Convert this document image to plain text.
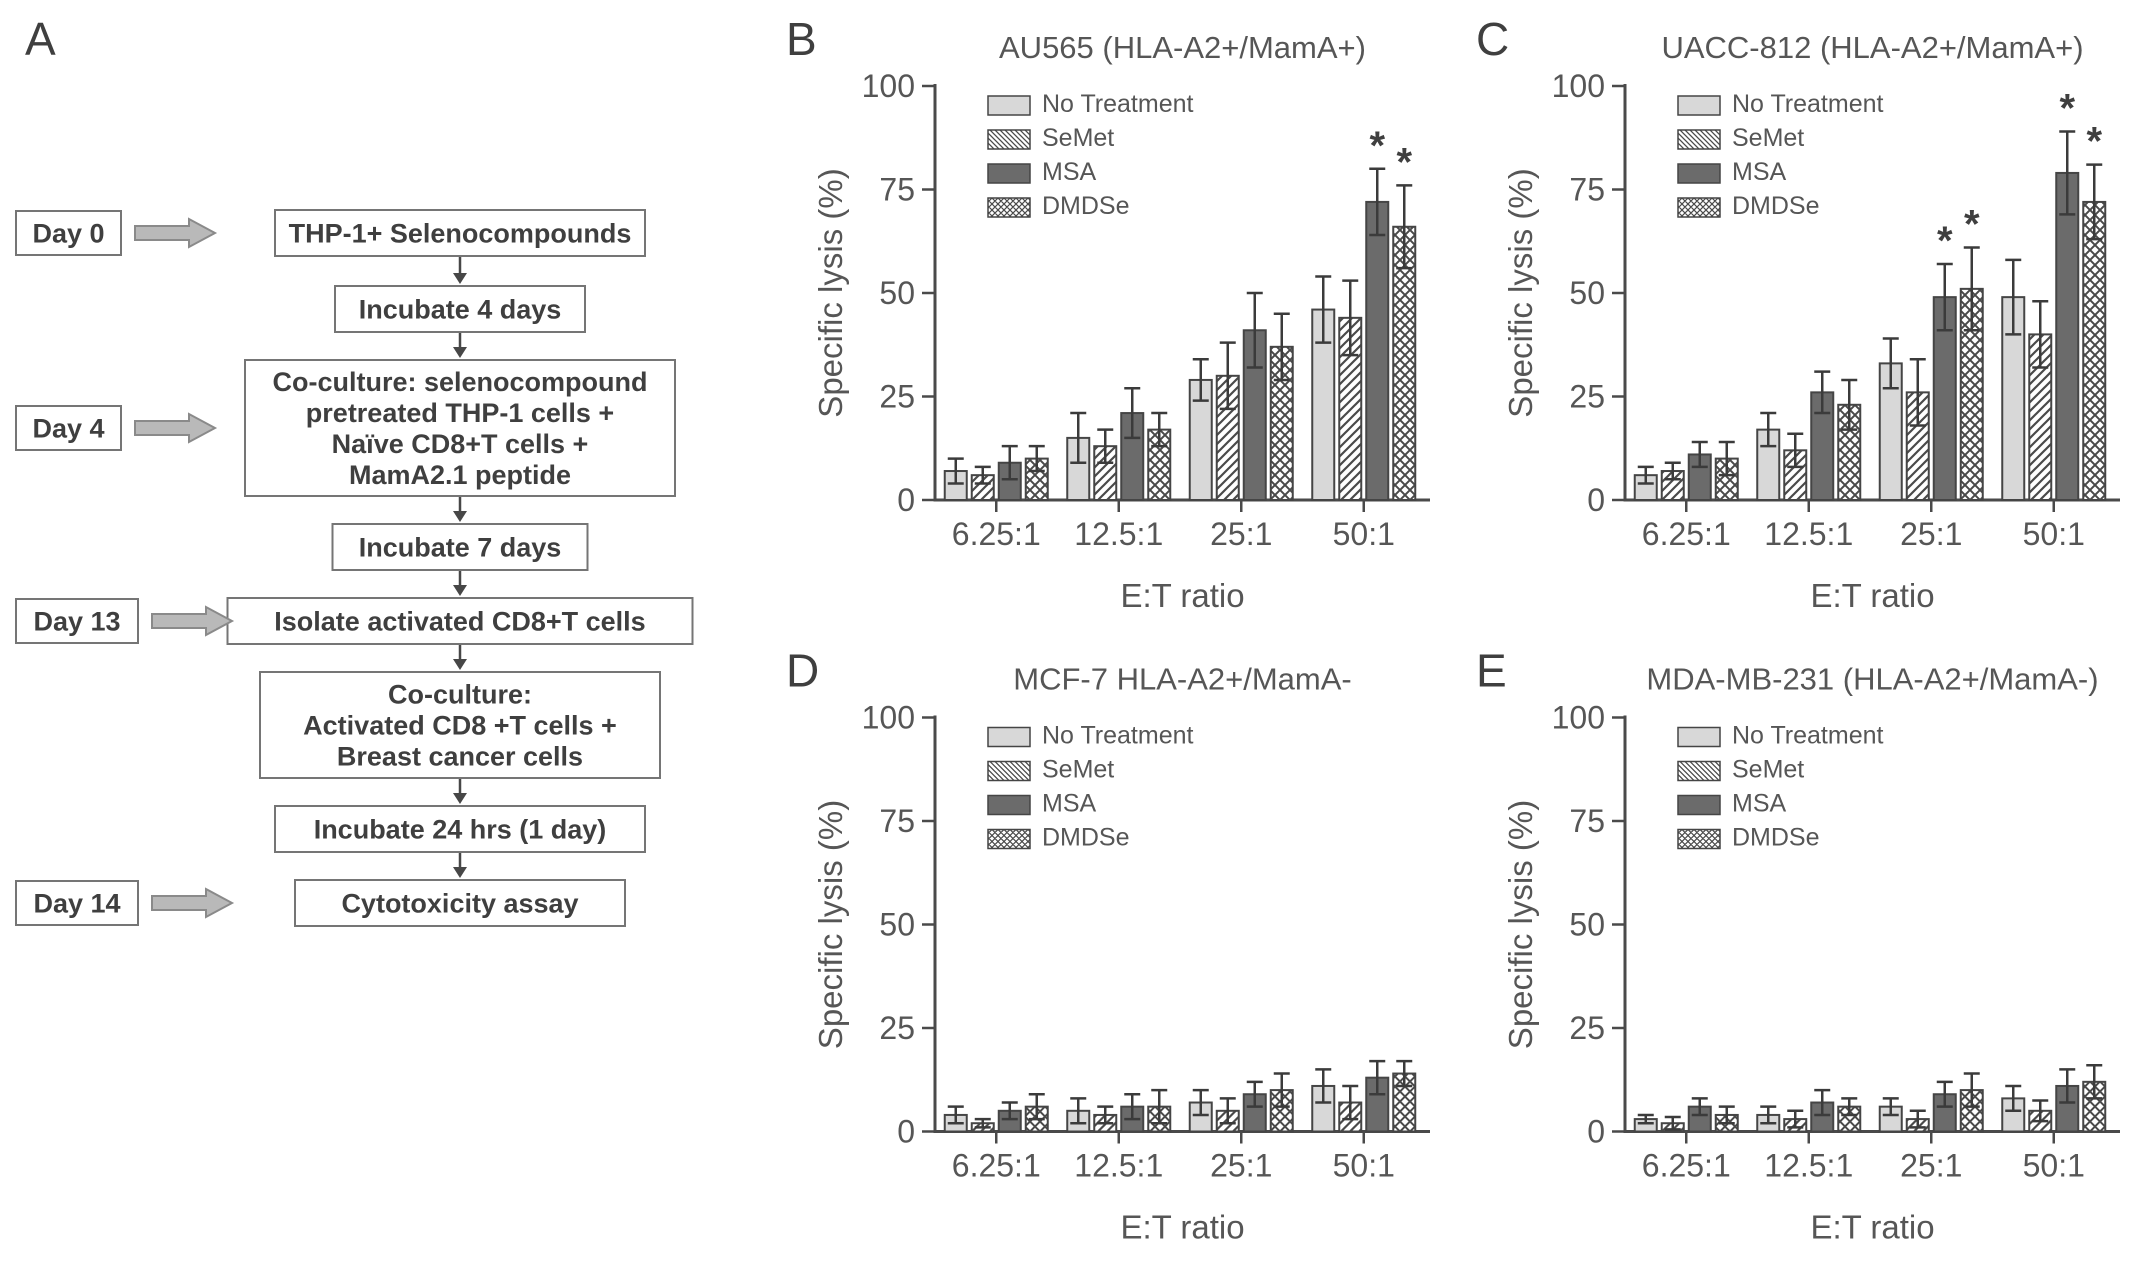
A
THP-1+ Selenocompounds
Day 0
Incubate 4 days
Co-culture: selenocompound pretreated THP-1 cells + Naïve CD8+T cells + MamA2.1 peptide
Day 4
Incubate 7 days
Isolate activated CD8+T cells
Day 13
Co-culture: Activated CD8 +T cells + Breast cancer cells
Incubate 24 hrs (1 day)
Cytotoxicity assay
Day 14
B	AU565 (HLA-A2+/MamA+)
0
25
50
75
100
6.25:1 12.5:1 25:1 50:1
E:T ratio
Specific lysis (%)
No Treatment
SeMet
MSA
DMDSe
* *
C	UACC-812 (HLA-A2+/MamA+)
0
25
50
75
100
6.25:1 12.5:1 25:1 50:1
E:T ratio
Specific lysis (%)
No Treatment
SeMet
MSA
DMDSe
* *
*
*
D	MCF-7 HLA-A2+/MamA-
0
25
50
75
100
6.25:1 12.5:1 25:1 50:1
E:T ratio
Specific lysis (%)
No Treatment
SeMet
MSA
DMDSe
E	MDA-MB-231 (HLA-A2+/MamA-)
0
25
50
75
100
6.25:1 12.5:1 25:1 50:1
E:T ratio
Specific lysis (%)
No Treatment
SeMet
MSA
DMDSe
